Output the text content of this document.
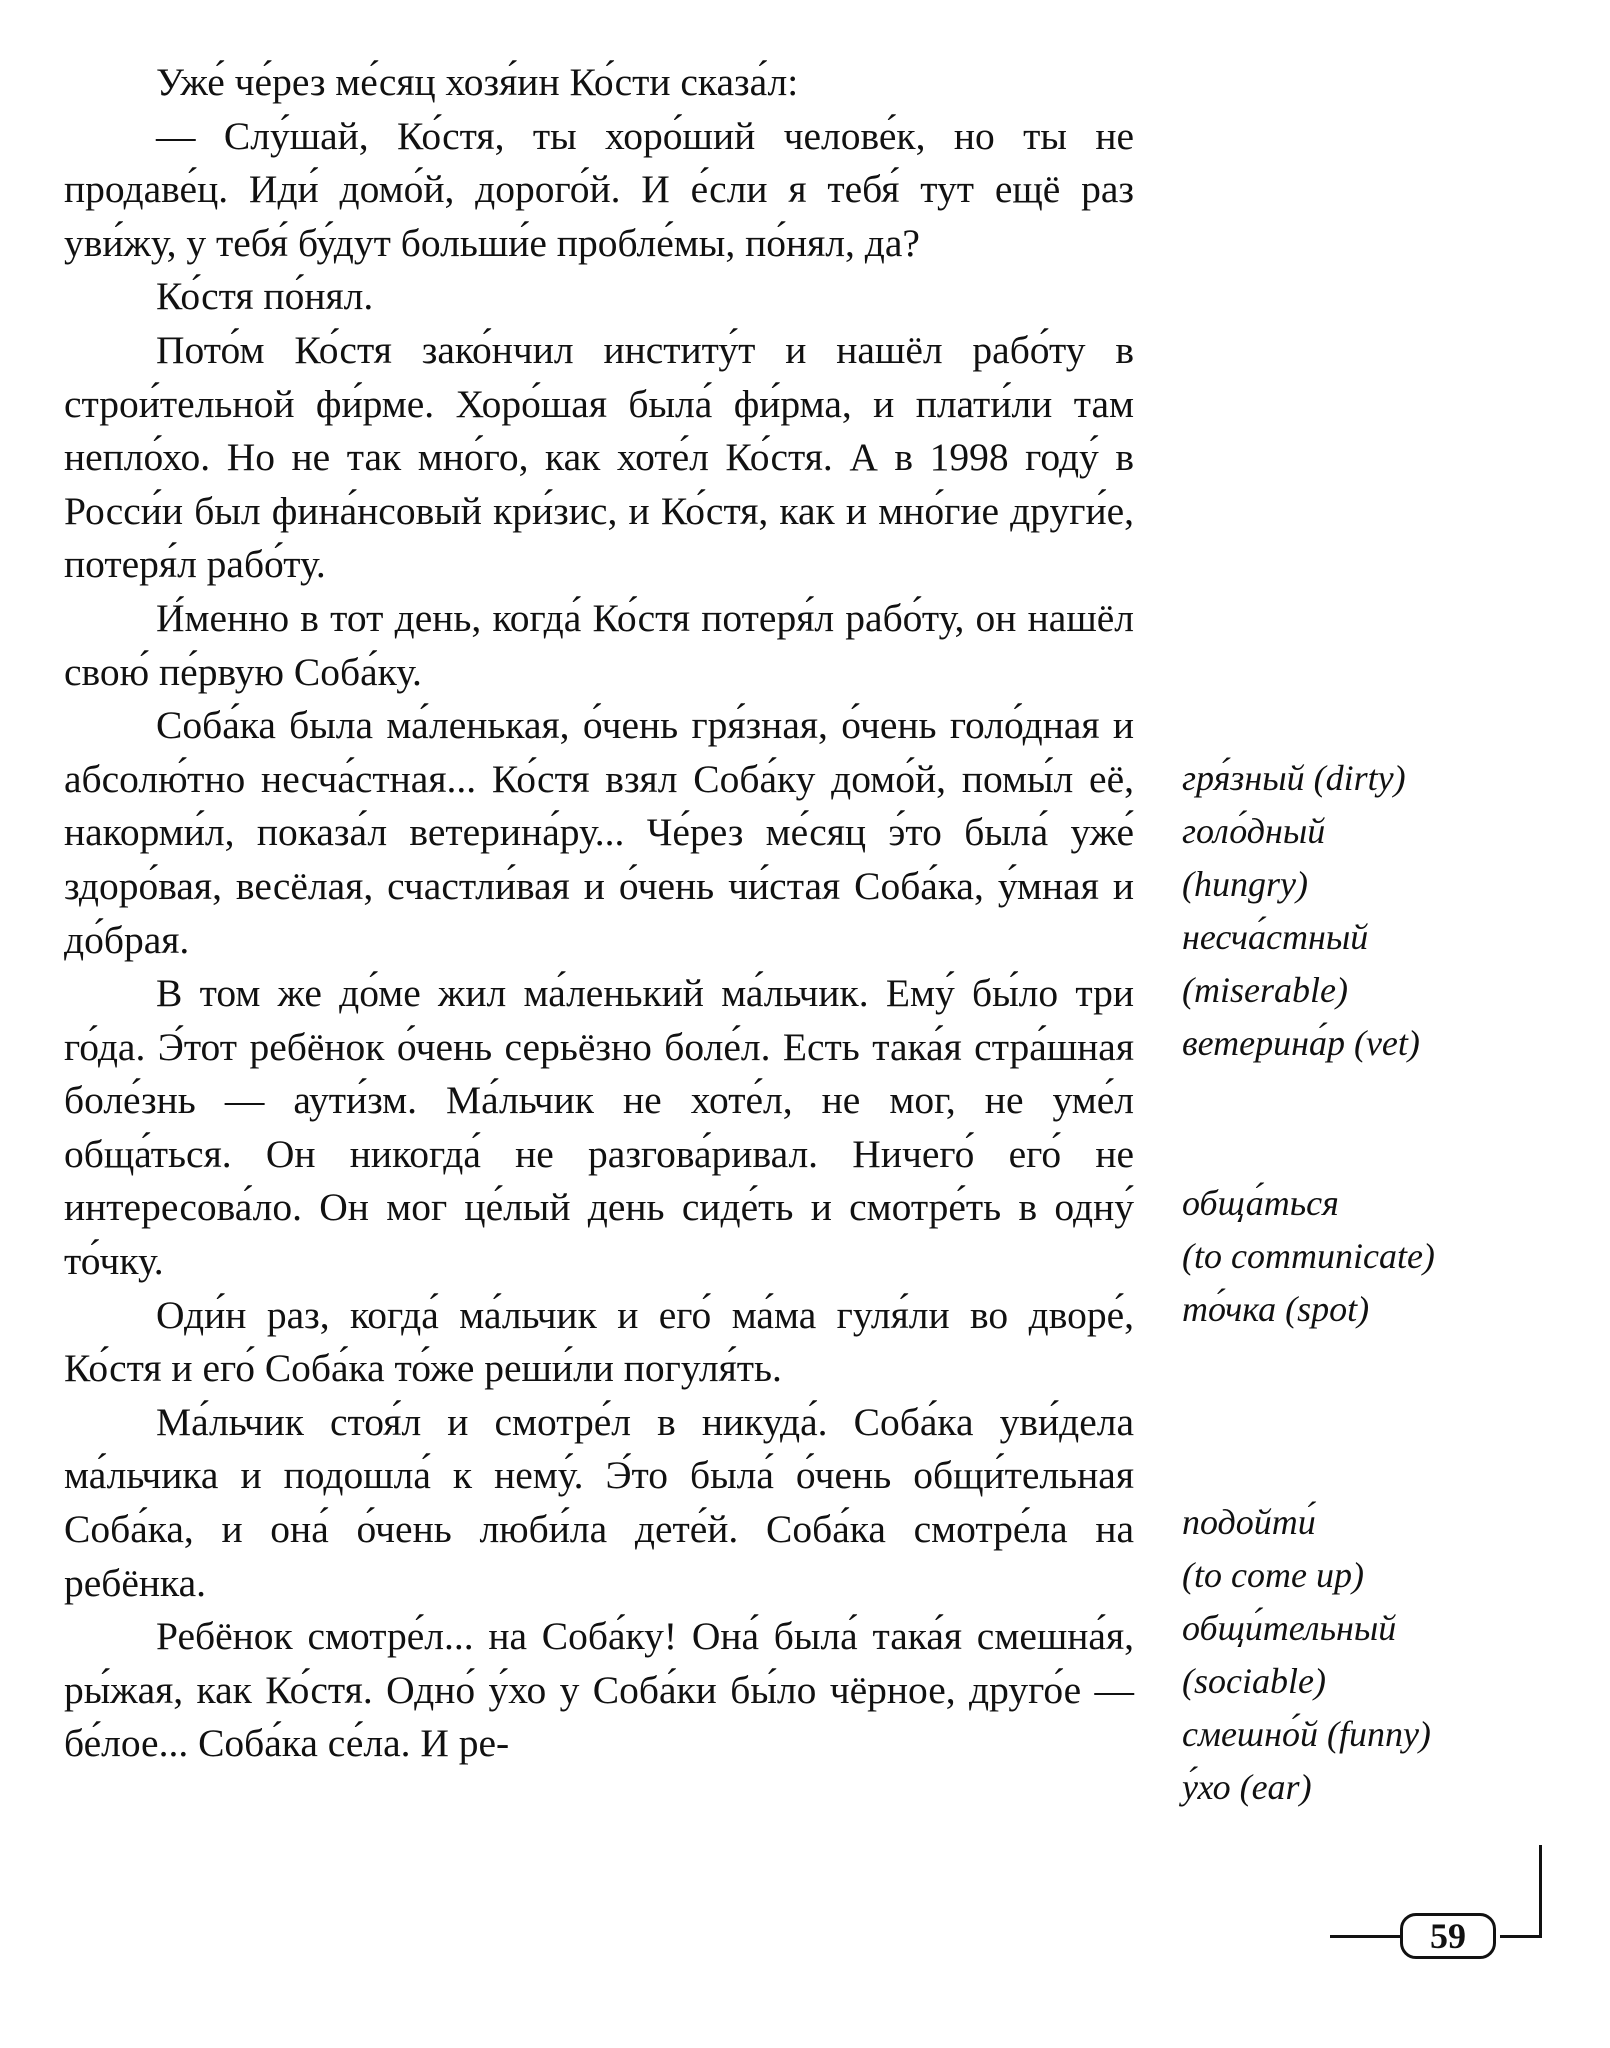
Уже́ че́рез ме́сяц хозя́ин Ко́сти сказа́л:

— Слу́шай, Ко́стя, ты хоро́ший челове́к, но ты не продаве́ц. Иди́ домо́й, дорого́й. И е́сли я тебя́ тут ещё раз уви́жу, у тебя́ бу́дут больши́е пробле́мы, по́нял, да?

Ко́стя по́нял.

Пото́м Ко́стя зако́нчил институ́т и нашёл рабо́ту в строи́тельной фи́рме. Хоро́шая была́ фи́рма, и плати́ли там непло́хо. Но не так мно́го, как хоте́л Ко́стя. А в 1998 году́ в Росси́и был фина́нсовый кри́зис, и Ко́стя, как и мно́гие други́е, потеря́л рабо́ту.

И́менно в тот день, когда́ Ко́стя потеря́л рабо́ту, он нашёл свою́ пе́рвую Соба́ку.

Соба́ка была ма́ленькая, о́чень гря́зная, о́чень голо́дная и абсолю́тно несча́стная... Ко́стя взял Соба́ку домо́й, помы́л её, накорми́л, показа́л ветерина́ру... Че́рез ме́сяц э́то была́ уже́ здоро́вая, весёлая, счастли́вая и о́чень чи́стая Соба́ка, у́мная и до́брая.

В том же до́ме жил ма́ленький ма́льчик. Ему́ бы́ло три го́да. Э́тот ребёнок о́чень серьёзно боле́л. Есть така́я стра́шная боле́знь — аути́зм. Ма́льчик не хоте́л, не мог, не уме́л обща́ться. Он никогда́ не разгова́ривал. Ничего́ его́ не интересова́ло. Он мог це́лый день сиде́ть и смотре́ть в одну́ то́чку.

Оди́н раз, когда́ ма́льчик и его́ ма́ма гуля́ли во дворе́, Ко́стя и его́ Соба́ка то́же реши́ли погуля́ть.

Ма́льчик стоя́л и смотре́л в никуда́. Соба́ка уви́дела ма́льчика и подошла́ к нему́. Э́то была́ о́чень общи́тельная Соба́ка, и она́ о́чень люби́ла дете́й. Соба́ка смотре́ла на ребёнка.

Ребёнок смотре́л... на Соба́ку! Она́ была́ така́я смешна́я, ры́жая, как Ко́стя. Одно́ у́хо у Соба́ки бы́ло чёрное, друго́е — бе́лое... Соба́ка се́ла. И ре-

гря́зный (dirty)
голо́дный
(hungry)
несча́стный
(miserable)
ветерина́р (vet)
обща́ться
(to communicate)
то́чка (spot)
подойти́
(to come up)
общи́тельный
(sociable)
смешно́й (funny)
у́хо (ear)
59
